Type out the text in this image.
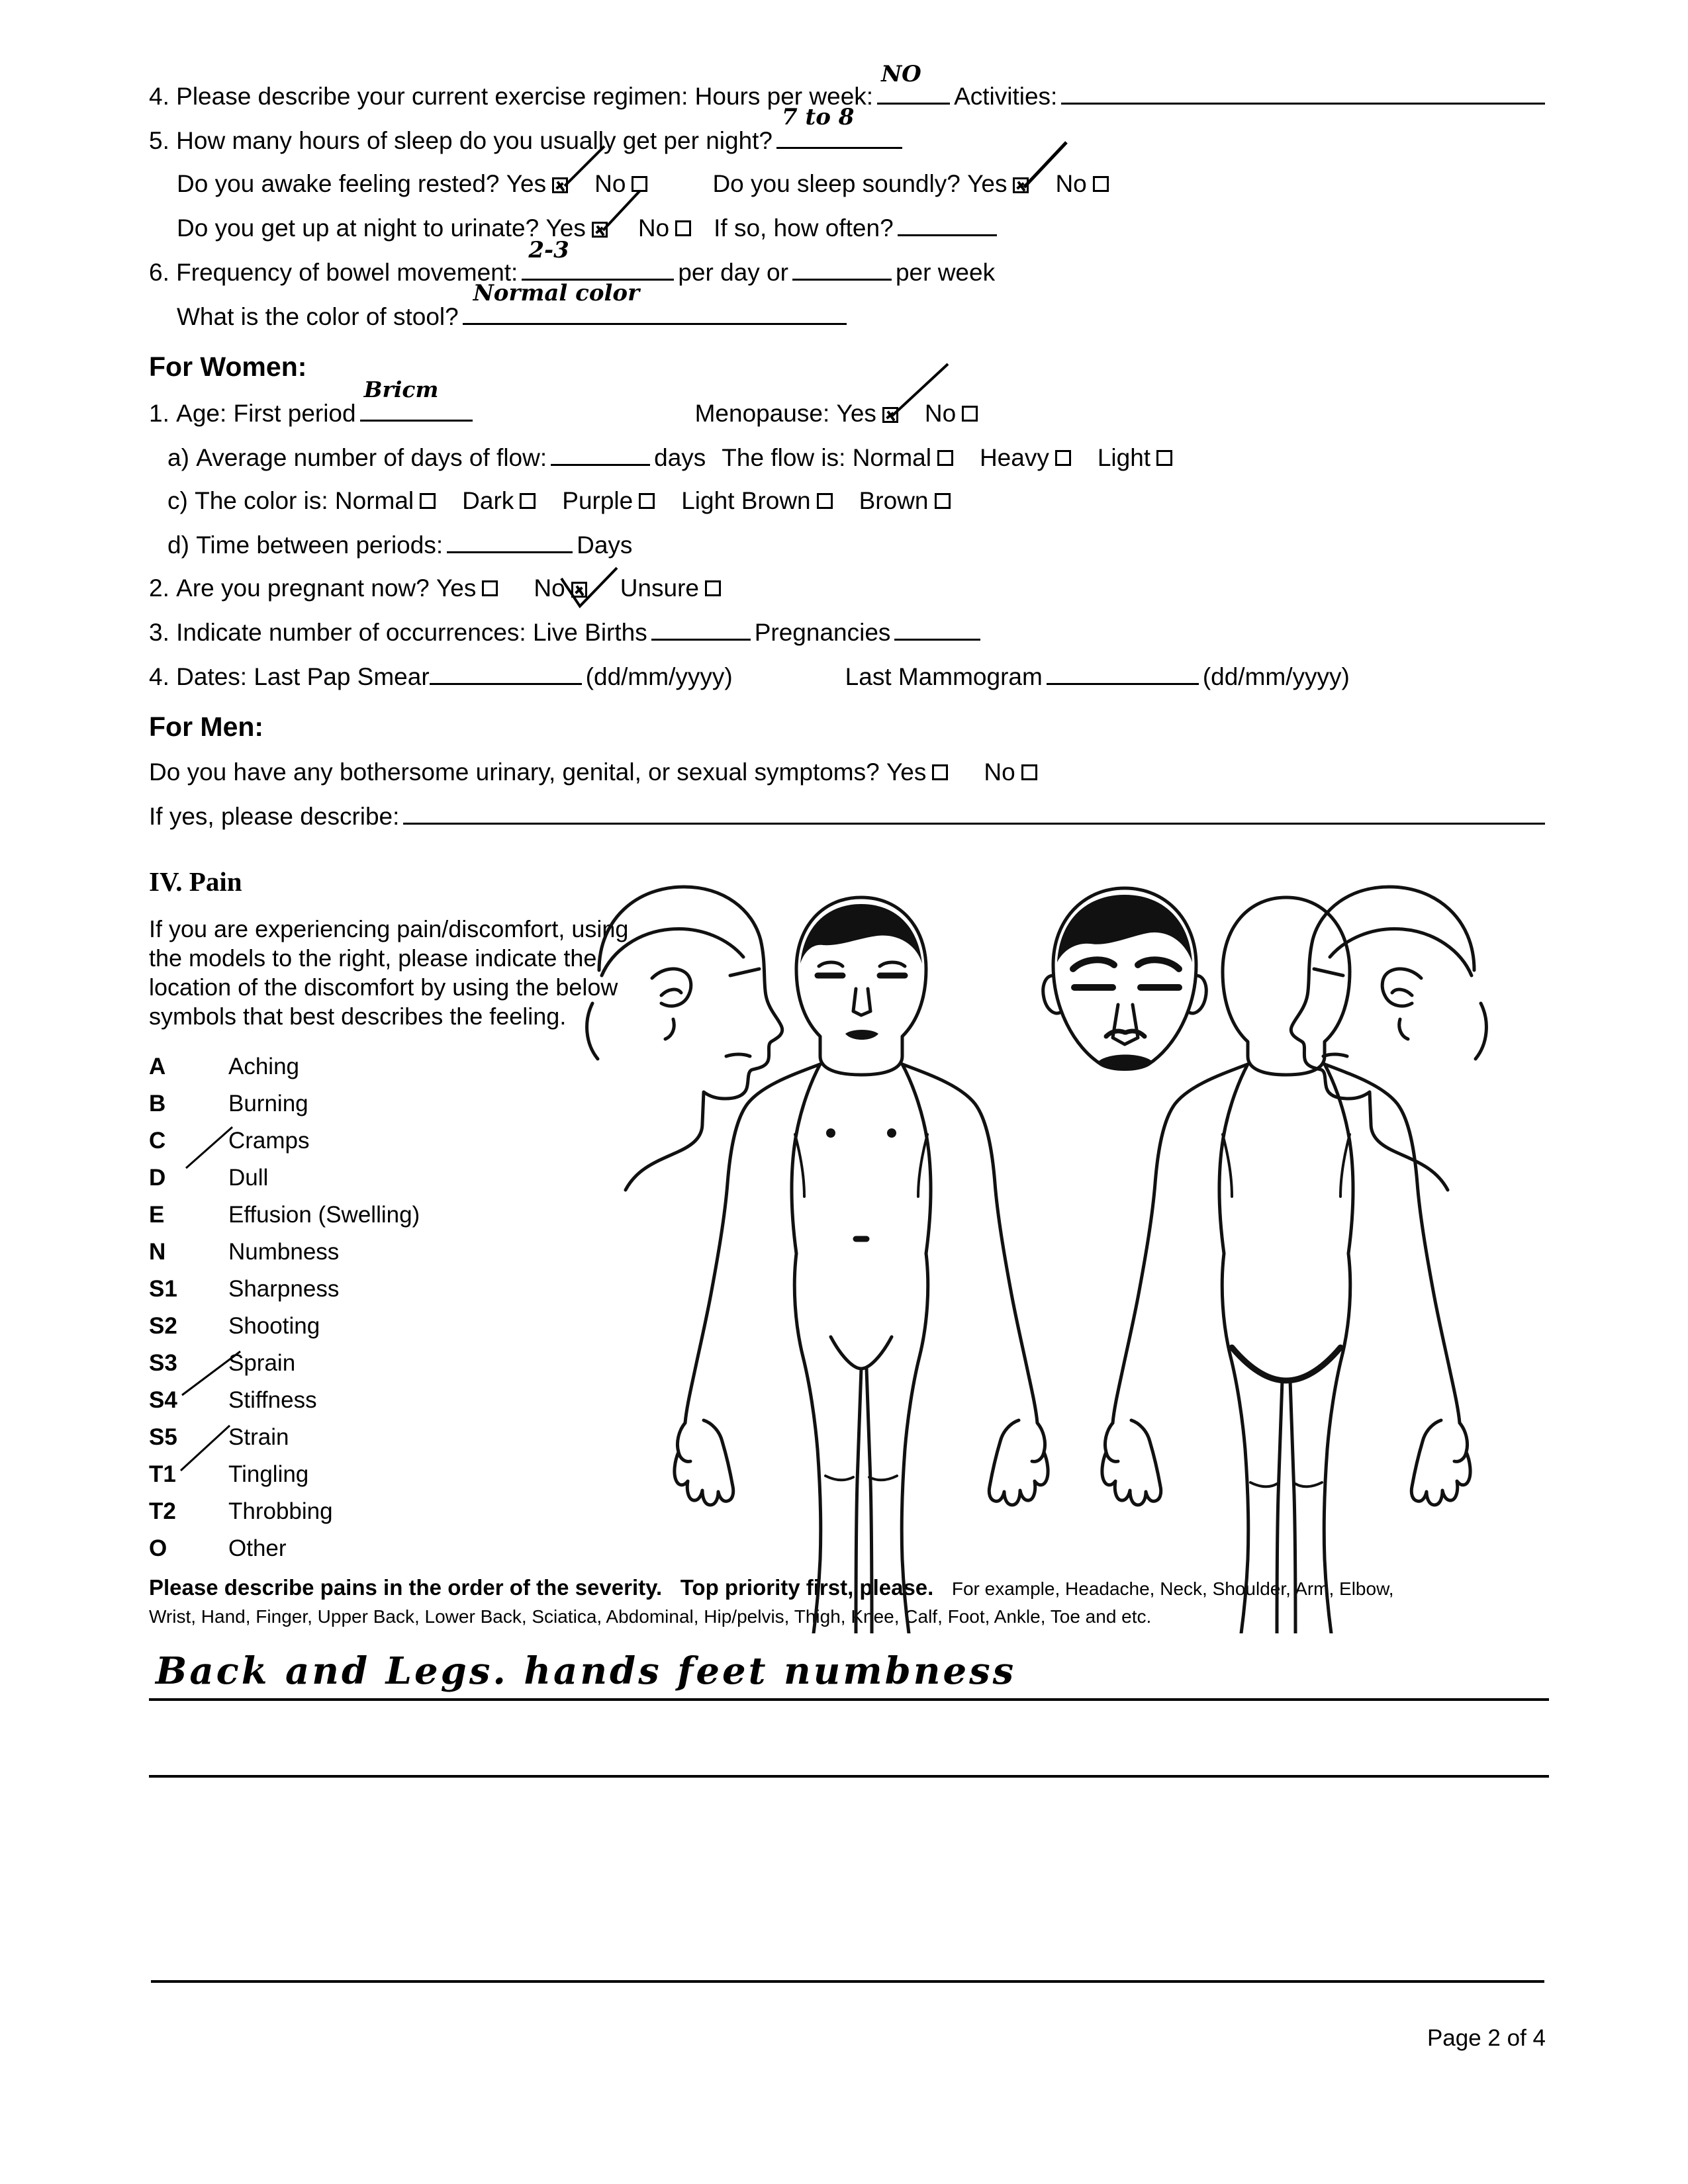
4.
Please describe your current exercise regimen: Hours per week:
NO
Activities:
5.
How many hours of sleep do you usually get per night?
7 to 8
Do you awake feeling rested?
Yes	No	Do you sleep soundly?
Yes	No
Do you get up at night to urinate?
Yes	No	If so, how often?
6.
Frequency of bowel movement:
2-3
per day or	per week
What is the color of stool?
Normal color
For Women:
1.
Age: First period
Bricm
Menopause:
Yes	No
a)
Average number of days of flow:	days The flow is:
Normal	Heavy	Light
c)
The color is:
Normal	Dark	Purple	Light Brown	Brown
d)
Time between periods:	Days
2.
Are you pregnant now?
Yes	No	Unsure
3.
Indicate number of occurrences:
Live Births	Pregnancies
4.
Dates: Last Pap Smear	(dd/mm/yyyy)	Last Mammogram	(dd/mm/yyyy)
For Men:
Do you have any bothersome urinary, genital, or sexual symptoms?
Yes	No
If yes, please describe:
IV. Pain
If you are experiencing pain/discomfort, using the models to the right, please indicate the location of the discomfort by using the below symbols that best describes the feeling.
A	Aching
B	Burning
C	Cramps
D	Dull
E	Effusion (Swelling)
N	Numbness
S1	Sharpness
S2	Shooting
S3	Sprain
S4	Stiffness
S5	Strain
T1	Tingling
T2	Throbbing
O	Other
Please describe pains in the order of the severity. Top priority first, please. For example, Headache, Neck, Shoulder, Arm, Elbow,
Wrist, Hand, Finger, Upper Back, Lower Back, Sciatica, Abdominal, Hip/pelvis, Thigh, Knee, Calf, Foot, Ankle, Toe and etc.
Back and Legs. hands feet numbness
Page 2 of 4
